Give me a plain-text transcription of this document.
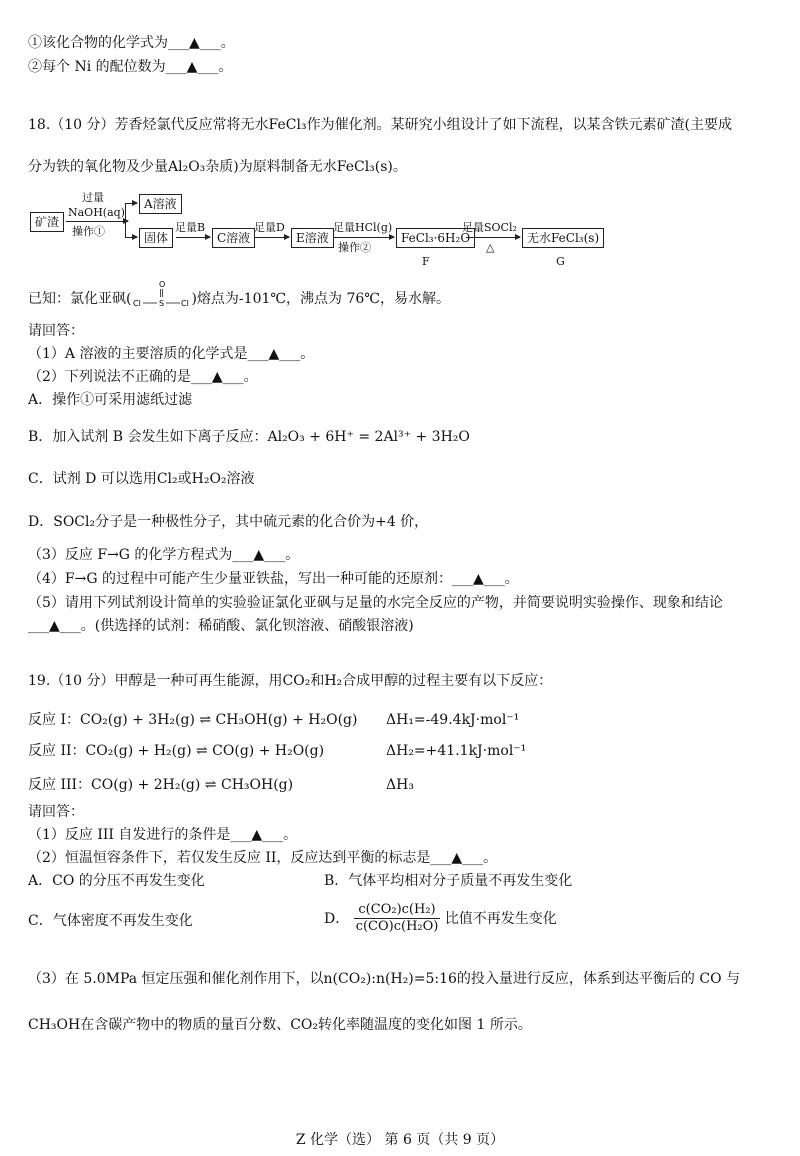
①该化合物的化学式为___▲___。
②每个 Ni 的配位数为___▲___。
18.（10 分）芳香烃氯代反应常将无水FeCl₃作为催化剂。某研究小组设计了如下流程，以某含铁元素矿渣(主要成
分为铁的氧化物及少量Al₂O₃杂质)为原料制备无水FeCl₃(s)。
矿渣
过量
NaOH(aq)
操作①
A溶液
固体
足量B
C溶液
足量D
E溶液
足量HCl(g)
操作②
FeCl₃·6H₂O
F
足量SOCl₂
△
无水FeCl₃(s)
G
已知：氯化亚砜(
O
Cl S Cl )熔点为-101℃，沸点为 76℃，易水解。
请回答：
（1）A 溶液的主要溶质的化学式是___▲___。
（2）下列说法不正确的是___▲___。
A．操作①可采用滤纸过滤
B．加入试剂 B 会发生如下离子反应：Al₂O₃ + 6H⁺ = 2Al³⁺ + 3H₂O
C．试剂 D 可以选用Cl₂或H₂O₂溶液
D．SOCl₂分子是一种极性分子，其中硫元素的化合价为+4 价，
（3）反应 F→G 的化学方程式为___▲___。
（4）F→G 的过程中可能产生少量亚铁盐，写出一种可能的还原剂：___▲___。
（5）请用下列试剂设计简单的实验验证氯化亚砜与足量的水完全反应的产物，并简要说明实验操作、现象和结论
___▲___。(供选择的试剂：稀硝酸、氯化钡溶液、硝酸银溶液)
19.（10 分）甲醇是一种可再生能源，用CO₂和H₂合成甲醇的过程主要有以下反应：
反应 I：CO₂(g) + 3H₂(g) ⇌ CH₃OH(g) + H₂O(g) ΔH₁=-49.4kJ·mol⁻¹
反应 II：CO₂(g) + H₂(g) ⇌ CO(g) + H₂O(g)	ΔH₂=+41.1kJ·mol⁻¹
反应 III：CO(g) + 2H₂(g) ⇌ CH₃OH(g)	ΔH₃
请回答：
（1）反应 III 自发进行的条件是___▲___。
（2）恒温恒容条件下，若仅发生反应 II，反应达到平衡的标志是___▲___。
A．CO 的分压不再发生变化	B．气体平均相对分子质量不再发生变化
C．气体密度不再发生变化	D． $\frac{\text{c(CO₂)c(H₂)}}{\text{c(CO)c(H₂O)}}$ 比值不再发生变化
（3）在 5.0MPa 恒定压强和催化剂作用下，以n(CO₂):n(H₂)=5:16的投入量进行反应，体系到达平衡后的 CO 与
CH₃OH在含碳产物中的物质的量百分数、CO₂转化率随温度的变化如图 1 所示。
Z 化学（选） 第 6 页（共 9 页）
